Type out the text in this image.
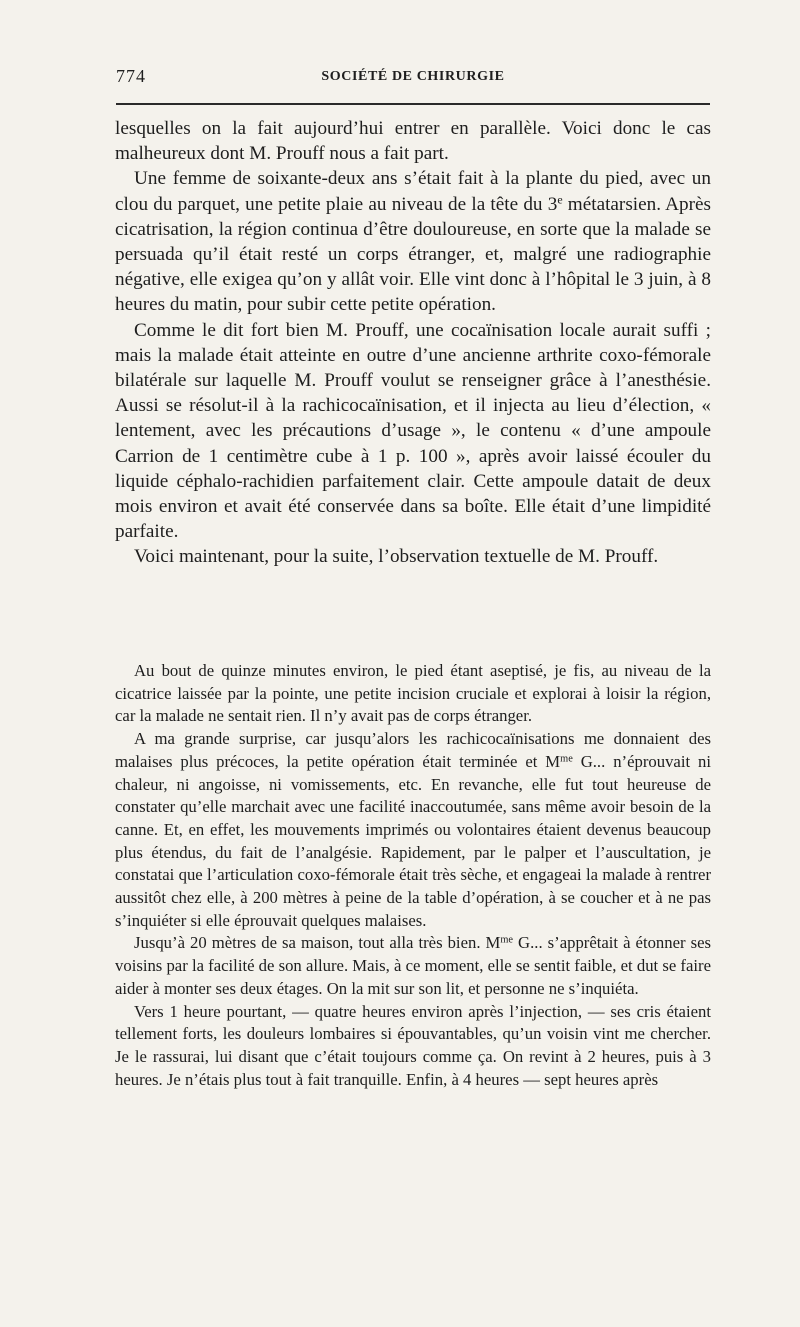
774	SOCIÉTÉ DE CHIRURGIE

lesquelles on la fait aujourd’hui entrer en parallèle. Voici donc le cas malheureux dont M. Prouff nous a fait part.

Une femme de soixante-deux ans s’était fait à la plante du pied, avec un clou du parquet, une petite plaie au niveau de la tête du 3e métatarsien. Après cicatrisation, la région continua d’être douloureuse, en sorte que la malade se persuada qu’il était resté un corps étranger, et, malgré une radiographie négative, elle exigea qu’on y allât voir. Elle vint donc à l’hôpital le 3 juin, à 8 heures du matin, pour subir cette petite opération.

Comme le dit fort bien M. Prouff, une cocaïnisation locale aurait suffi ; mais la malade était atteinte en outre d’une ancienne arthrite coxo-fémorale bilatérale sur laquelle M. Prouff voulut se renseigner grâce à l’anesthésie. Aussi se résolut-il à la rachicocaïnisation, et il injecta au lieu d’élection, « lentement, avec les précautions d’usage », le contenu « d’une ampoule Carrion de 1 centimètre cube à 1 p. 100 », après avoir laissé écouler du liquide céphalo-rachidien parfaitement clair. Cette ampoule datait de deux mois environ et avait été conservée dans sa boîte. Elle était d’une limpidité parfaite.

Voici maintenant, pour la suite, l’observation textuelle de M. Prouff.

Au bout de quinze minutes environ, le pied étant aseptisé, je fis, au niveau de la cicatrice laissée par la pointe, une petite incision cruciale et explorai à loisir la région, car la malade ne sentait rien. Il n’y avait pas de corps étranger.

A ma grande surprise, car jusqu’alors les rachicocaïnisations me donnaient des malaises plus précoces, la petite opération était terminée et $M^{me}$ G... n’éprouvait ni chaleur, ni angoisse, ni vomissements, etc. En revanche, elle fut tout heureuse de constater qu’elle marchait avec une facilité inaccoutumée, sans même avoir besoin de la canne. Et, en effet, les mouvements imprimés ou volontaires étaient devenus beaucoup plus étendus, du fait de l’analgésie. Rapidement, par le palper et l’auscultation, je constatai que l’articulation coxo-fémorale était très sèche, et engageai la malade à rentrer aussitôt chez elle, à 200 mètres à peine de la table d’opération, à se coucher et à ne pas s’inquiéter si elle éprouvait quelques malaises.

Jusqu’à 20 mètres de sa maison, tout alla très bien. $M^{me}$ G... s’apprêtait à étonner ses voisins par la facilité de son allure. Mais, à ce moment, elle se sentit faible, et dut se faire aider à monter ses deux étages. On la mit sur son lit, et personne ne s’inquiéta.

Vers 1 heure pourtant, — quatre heures environ après l’injection, — ses cris étaient tellement forts, les douleurs lombaires si épouvantables, qu’un voisin vint me chercher. Je le rassurai, lui disant que c’était toujours comme ça. On revint à 2 heures, puis à 3 heures. Je n’étais plus tout à fait tranquille. Enfin, à 4 heures — sept heures après
